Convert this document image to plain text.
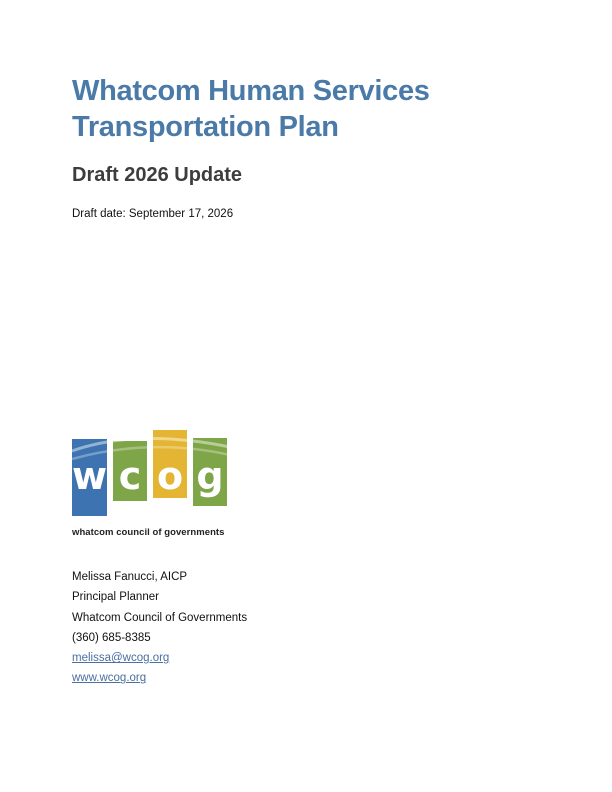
Whatcom Human Services
Transportation Plan
Draft 2026 Update

Draft date: September 17, 2026

w c o g

whatcom council of governments

Melissa Fanucci, AICP
Principal Planner
Whatcom Council of Governments
(360) 685-8385
melissa@wcog.org
www.wcog.org
